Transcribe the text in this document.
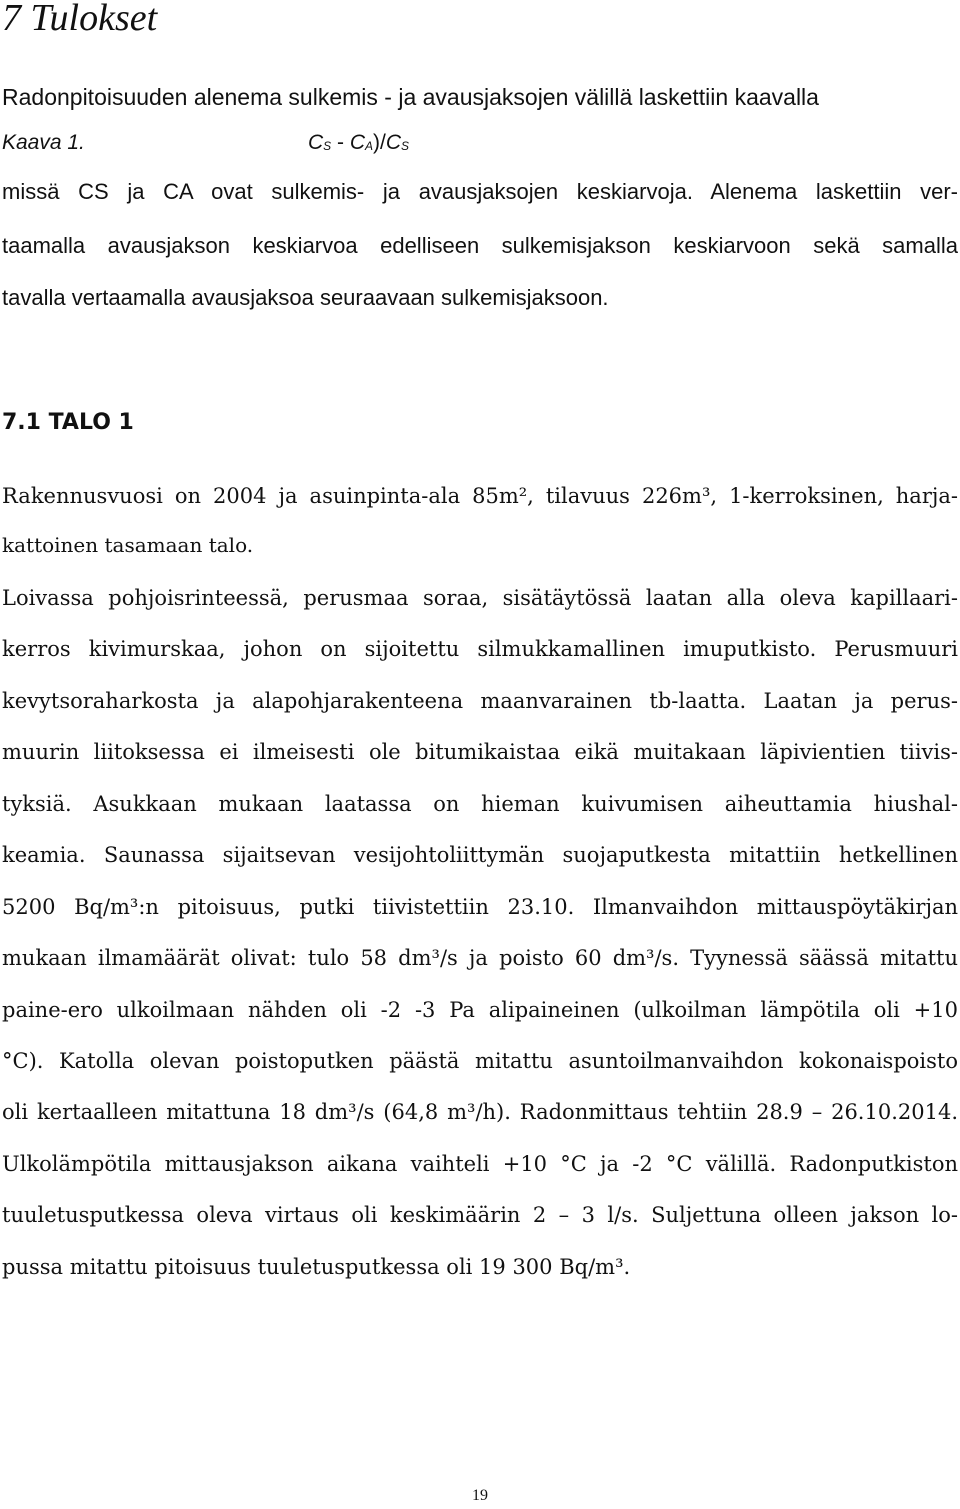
7 Tulokset

Radonpitoisuuden alenema sulkemis - ja avausjaksojen välillä laskettiin kaavalla

Kaava 1.	CS - CA)/CS

missä CS ja CA ovat sulkemis- ja avausjaksojen keskiarvoja. Alenema laskettiin ver-

taamalla avausjakson keskiarvoa edelliseen sulkemisjakson keskiarvoon sekä samalla

tavalla vertaamalla avausjaksoa seuraavaan sulkemisjaksoon.

7.1 TALO 1

Rakennusvuosi on 2004 ja asuinpinta-ala 85m², tilavuus 226m³, 1-kerroksinen, harja-

kattoinen tasamaan talo.

Loivassa pohjoisrinteessä, perusmaa soraa, sisätäytössä laatan alla oleva kapillaari-

kerros kivimurskaa, johon on sijoitettu silmukkamallinen imuputkisto. Perusmuuri

kevytsoraharkosta ja alapohjarakenteena maanvarainen tb-laatta. Laatan ja perus-

muurin liitoksessa ei ilmeisesti ole bitumikaistaa eikä muitakaan läpivientien tiivis-

tyksiä. Asukkaan mukaan laatassa on hieman kuivumisen aiheuttamia hiushal-

keamia. Saunassa sijaitsevan vesijohtoliittymän suojaputkesta mitattiin hetkellinen

5200 Bq/m³:n pitoisuus, putki tiivistettiin 23.10. Ilmanvaihdon mittauspöytäkirjan

mukaan ilmamäärät olivat: tulo 58 dm³/s ja poisto 60 dm³/s. Tyynessä säässä mitattu

paine-ero ulkoilmaan nähden oli -2 -3 Pa alipaineinen (ulkoilman lämpötila oli +10

°C). Katolla olevan poistoputken päästä mitattu asuntoilmanvaihdon kokonaispoisto

oli kertaalleen mitattuna 18 dm³/s (64,8 m³/h). Radonmittaus tehtiin 28.9 – 26.10.2014.

Ulkolämpötila mittausjakson aikana vaihteli +10 °C ja -2 °C välillä. Radonputkiston

tuuletusputkessa oleva virtaus oli keskimäärin 2 – 3 l/s. Suljettuna olleen jakson lo-

pussa mitattu pitoisuus tuuletusputkessa oli 19 300 Bq/m³.

19
